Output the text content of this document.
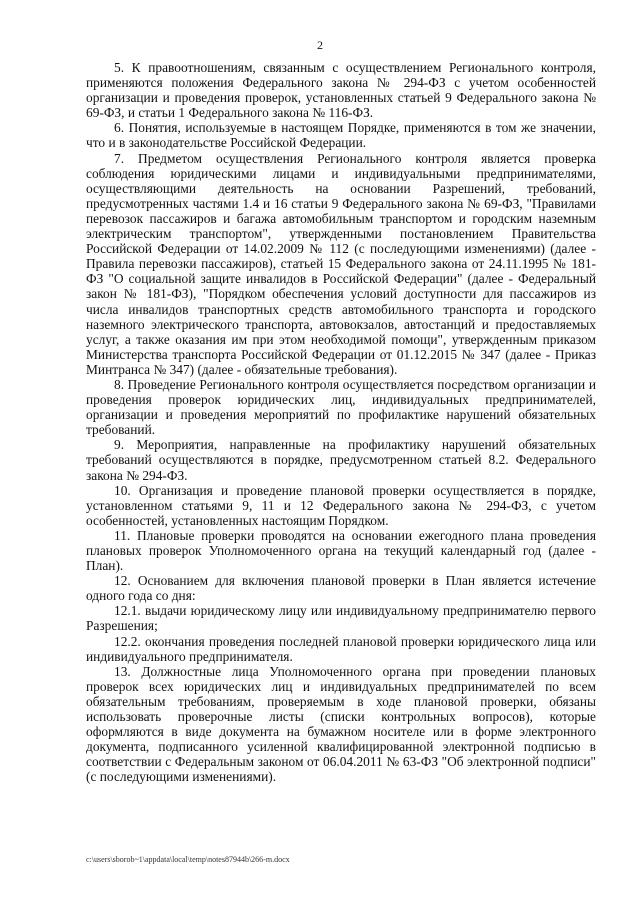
2

5. К правоотношениям, связанным с осуществлением Регионального контроля, применяются положения Федерального закона № 294-ФЗ с учетом особенностей организации и проведения проверок, установленных статьей 9 Федерального закона № 69-ФЗ, и статьи 1 Федерального закона № 116-ФЗ.

6. Понятия, используемые в настоящем Порядке, применяются в том же значении, что и в законодательстве Российской Федерации.

7. Предметом осуществления Регионального контроля является проверка соблюдения юридическими лицами и индивидуальными предпринимателями, осуществляющими деятельность на основании Разрешений, требований, предусмотренных частями 1.4 и 16 статьи 9 Федерального закона № 69-ФЗ, "Правилами перевозок пассажиров и багажа автомобильным транспортом и городским наземным электрическим транспортом", утвержденными постановлением Правительства Российской Федерации от 14.02.2009 № 112 (с последующими изменениями) (далее - Правила перевозки пассажиров), статьей 15 Федерального закона от 24.11.1995 № 181-ФЗ "О социальной защите инвалидов в Российской Федерации" (далее - Федеральный закон № 181-ФЗ), "Порядком обеспечения условий доступности для пассажиров из числа инвалидов транспортных средств автомобильного транспорта и городского наземного электрического транспорта, автовокзалов, автостанций и предоставляемых услуг, а также оказания им при этом необходимой помощи", утвержденным приказом Министерства транспорта Российской Федерации от 01.12.2015 № 347 (далее - Приказ Минтранса № 347) (далее - обязательные требования).

8. Проведение Регионального контроля осуществляется посредством организации и проведения проверок юридических лиц, индивидуальных предпринимателей, организации и проведения мероприятий по профилактике нарушений обязательных требований.

9. Мероприятия, направленные на профилактику нарушений обязательных требований осуществляются в порядке, предусмотренном статьей 8.2. Федерального закона № 294-ФЗ.

10. Организация и проведение плановой проверки осуществляется в порядке, установленном статьями 9, 11 и 12 Федерального закона № 294-ФЗ, с учетом особенностей, установленных настоящим Порядком.

11. Плановые проверки проводятся на основании ежегодного плана проведения плановых проверок Уполномоченного органа на текущий календарный год (далее - План).

12. Основанием для включения плановой проверки в План является истечение одного года со дня:

12.1. выдачи юридическому лицу или индивидуальному предпринимателю первого Разрешения;

12.2. окончания проведения последней плановой проверки юридического лица или индивидуального предпринимателя.

13. Должностные лица Уполномоченного органа при проведении плановых проверок всех юридических лиц и индивидуальных предпринимателей по всем обязательным требованиям, проверяемым в ходе плановой проверки, обязаны использовать проверочные листы (списки контрольных вопросов), которые оформляются в виде документа на бумажном носителе или в форме электронного документа, подписанного усиленной квалифицированной электронной подписью в соответствии с Федеральным законом от 06.04.2011 № 63-ФЗ "Об электронной подписи" (с последующими изменениями).

c:\users\sborob~1\appdata\local\temp\notes87944b\266-m.docx
